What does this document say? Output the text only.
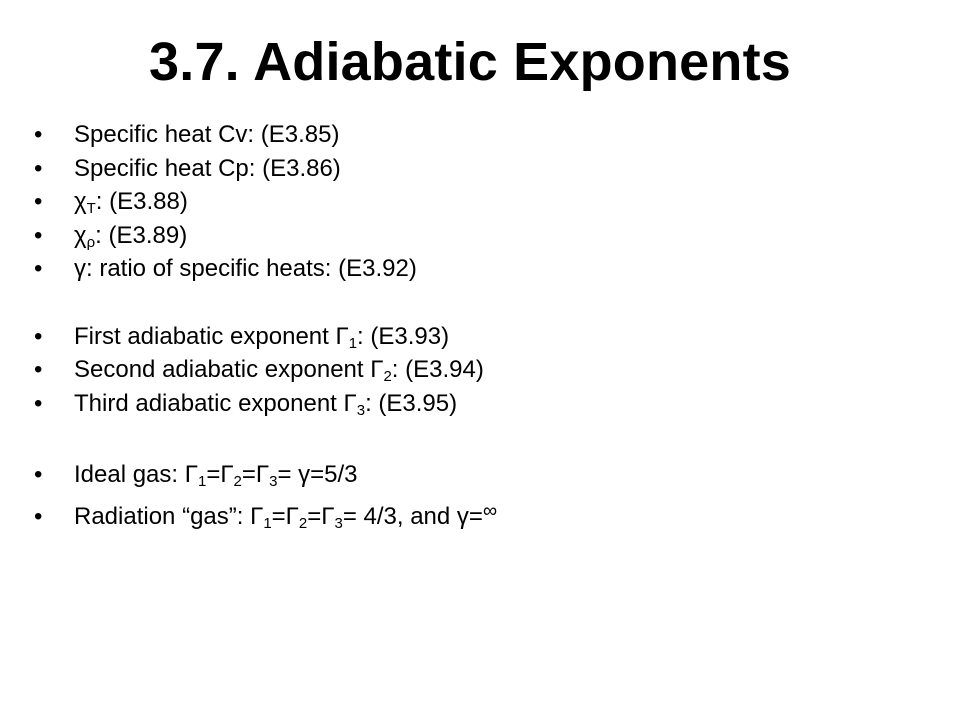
3.7. Adiabatic Exponents
•	Specific heat Cv: (E3.85)
•	Specific heat Cp: (E3.86)
•	$\chi_T$: (E3.88)
•	$\chi_\rho$: (E3.89)
•	γ: ratio of specific heats: (E3.92)
•	First adiabatic exponent $\Gamma_1$: (E3.93)
•	Second adiabatic exponent $\Gamma_2$: (E3.94)
•	Third adiabatic exponent $\Gamma_3$: (E3.95)
•	Ideal gas: $\Gamma_1=\Gamma_2=\Gamma_3= \gamma=5/3$
•	Radiation “gas”: $\Gamma_1=\Gamma_2=\Gamma_3= 4/3$, and γ=∞
